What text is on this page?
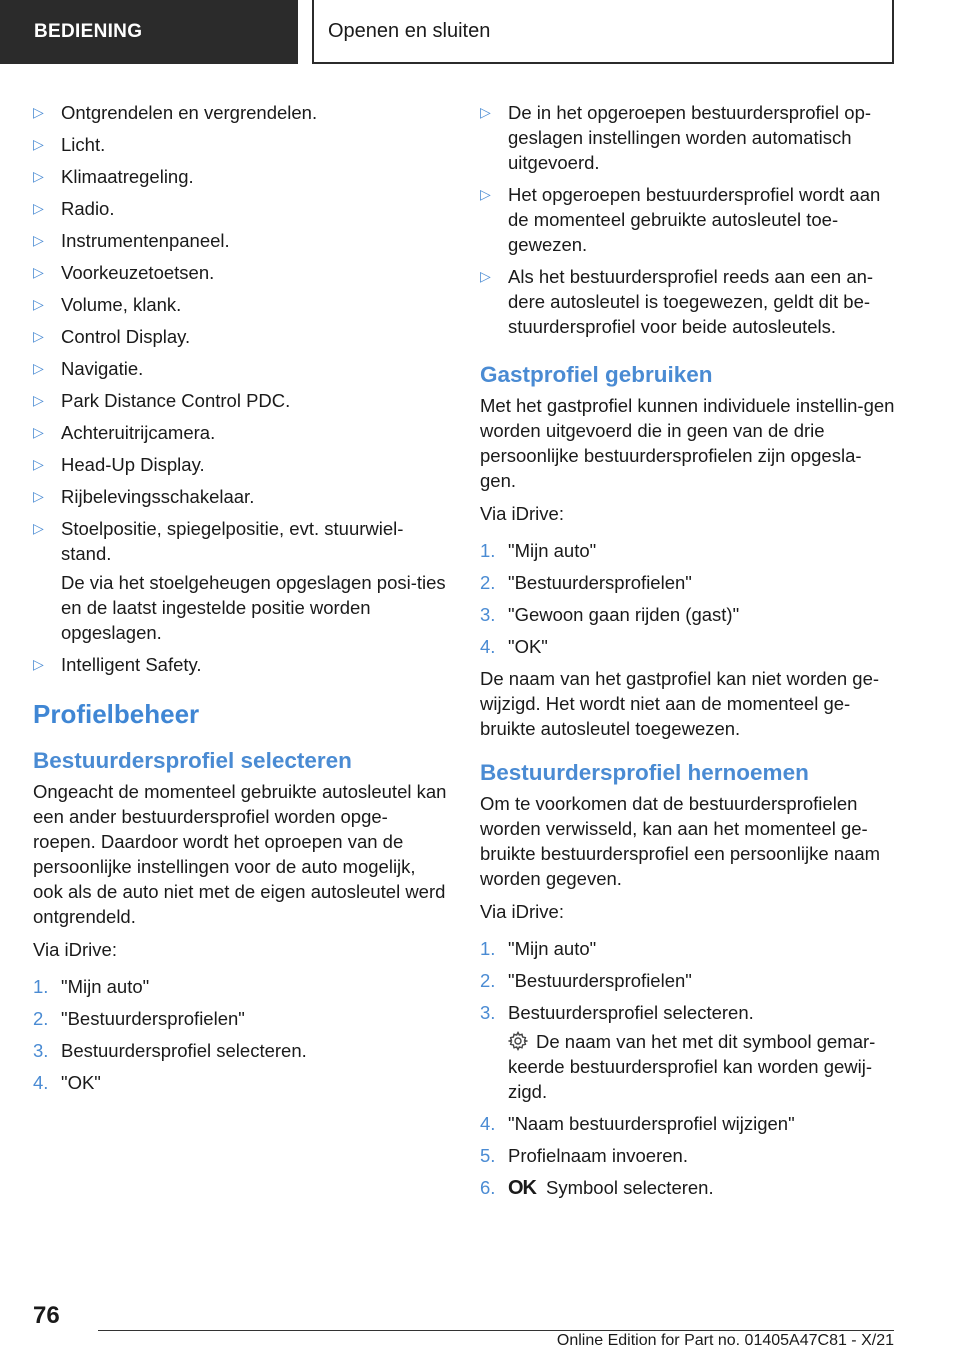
BEDIENING	Openen en sluiten
▷ Ontgrendelen en vergrendelen.
▷ Licht.
▷ Klimaatregeling.
▷ Radio.
▷ Instrumentenpaneel.
▷ Voorkeuzetoetsen.
▷ Volume, klank.
▷ Control Display.
▷ Navigatie.
▷ Park Distance Control PDC.
▷ Achteruitrijcamera.
▷ Head-Up Display.
▷ Rijbelevingsschakelaar.
▷ Stoelpositie, spiegelpositie, evt. stuurwiel-stand.
De via het stoelgeheugen opgeslagen posi-ties en de laatst ingestelde positie worden opgeslagen.
▷ Intelligent Safety.
Profielbeheer
Bestuurdersprofiel selecteren
Ongeacht de momenteel gebruikte autosleutel kan een ander bestuurdersprofiel worden opge-roepen. Daardoor wordt het oproepen van de persoonlijke instellingen voor de auto mogelijk, ook als de auto niet met de eigen autosleutel werd ontgrendeld.
Via iDrive:
1. "Mijn auto"
2. "Bestuurdersprofielen"
3. Bestuurdersprofiel selecteren.
4. "OK"
▷ De in het opgeroepen bestuurdersprofiel op-geslagen instellingen worden automatisch uitgevoerd.
▷ Het opgeroepen bestuurdersprofiel wordt aan de momenteel gebruikte autosleutel toe-gewezen.
▷ Als het bestuurdersprofiel reeds aan een an-dere autosleutel is toegewezen, geldt dit be-stuurdersprofiel voor beide autosleutels.
Gastprofiel gebruiken
Met het gastprofiel kunnen individuele instellin-gen worden uitgevoerd die in geen van de drie persoonlijke bestuurdersprofielen zijn opgesla-gen.
Via iDrive:
1. "Mijn auto"
2. "Bestuurdersprofielen"
3. "Gewoon gaan rijden (gast)"
4. "OK"
De naam van het gastprofiel kan niet worden ge-wijzigd. Het wordt niet aan de momenteel ge-bruikte autosleutel toegewezen.
Bestuurdersprofiel hernoemen
Om te voorkomen dat de bestuurdersprofielen worden verwisseld, kan aan het momenteel ge-bruikte bestuurdersprofiel een persoonlijke naam worden gegeven.
Via iDrive:
1. "Mijn auto"
2. "Bestuurdersprofielen"
3. Bestuurdersprofiel selecteren.
De naam van het met dit symbool gemar-keerde bestuurdersprofiel kan worden gewij-zigd.
4. "Naam bestuurdersprofiel wijzigen"
5. Profielnaam invoeren.
6. OK Symbool selecteren.
76
Online Edition for Part no. 01405A47C81 - X/21
